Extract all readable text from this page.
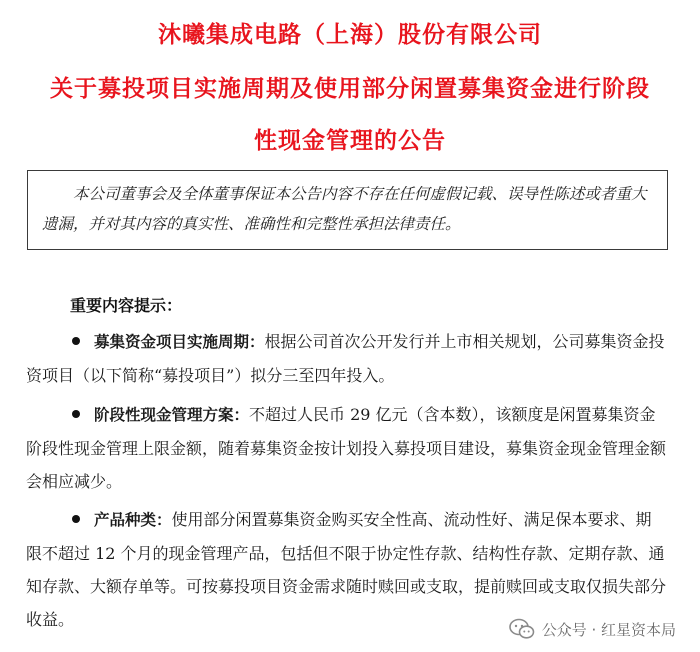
沐曦集成电路（上海）股份有限公司
关于募投项目实施周期及使用部分闲置募集资金进行阶段
性现金管理的公告
本公司董事会及全体董事保证本公告内容不存在任何虚假记载、误导性陈述或者重大遗漏，并对其内容的真实性、准确性和完整性承担法律责任。
重要内容提示：
募集资金项目实施周期：根据公司首次公开发行并上市相关规划，公司募集资金投资项目（以下简称“募投项目”）拟分三至四年投入。
阶段性现金管理方案：不超过人民币 29 亿元（含本数），该额度是闲置募集资金阶段性现金管理上限金额，随着募集资金按计划投入募投项目建设，募集资金现金管理金额会相应减少。
产品种类：使用部分闲置募集资金购买安全性高、流动性好、满足保本要求、期限不超过 12 个月的现金管理产品，包括但不限于协定性存款、结构性存款、定期存款、通知存款、大额存单等。可按募投项目资金需求随时赎回或支取，提前赎回或支取仅损失部分收益。
公众号 · 红星资本局
